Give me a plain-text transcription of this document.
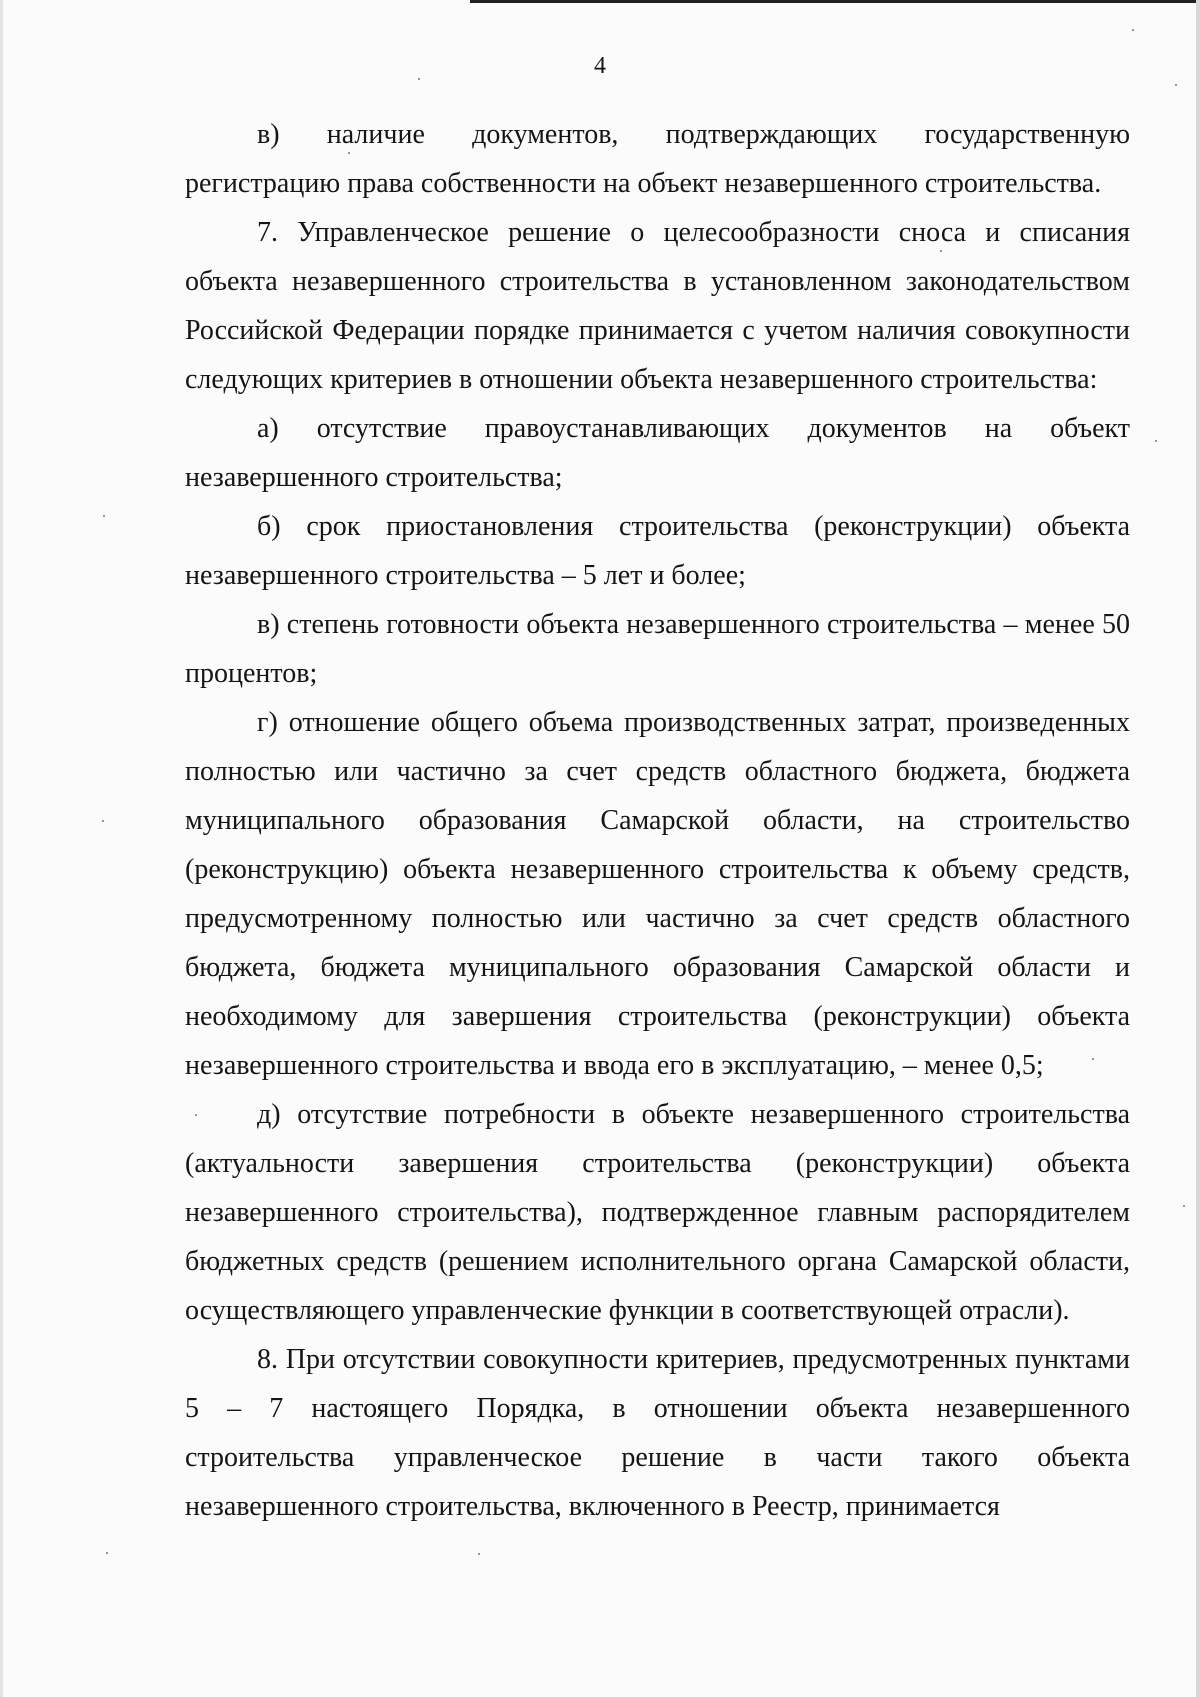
4

в) наличие документов, подтверждающих государственную регистрацию права собственности на объект незавершенного строительства.

7. Управленческое решение о целесообразности сноса и списания объекта незавершенного строительства в установленном законодательством Российской Федерации порядке принимается с учетом наличия совокупности следующих критериев в отношении объекта незавершенного строительства:

а) отсутствие правоустанавливающих документов на объект незавершенного строительства;

б) срок приостановления строительства (реконструкции) объекта незавершенного строительства – 5 лет и более;

в) степень готовности объекта незавершенного строительства – менее 50 процентов;

г) отношение общего объема производственных затрат, произведенных полностью или частично за счет средств областного бюджета, бюджета муниципального образования Самарской области, на строительство (реконструкцию) объекта незавершенного строительства к объему средств, предусмотренному полностью или частично за счет средств областного бюджета, бюджета муниципального образования Самарской области и необходимому для завершения строительства (реконструкции) объекта незавершенного строительства и ввода его в эксплуатацию, – менее 0,5;

д) отсутствие потребности в объекте незавершенного строительства (актуальности завершения строительства (реконструкции) объекта незавершенного строительства), подтвержденное главным распорядителем бюджетных средств (решением исполнительного органа Самарской области, осуществляющего управленческие функции в соответствующей отрасли).

8. При отсутствии совокупности критериев, предусмотренных пунктами 5 – 7 настоящего Порядка, в отношении объекта незавершенного строительства управленческое решение в части такого объекта незавершенного строительства, включенного в Реестр, принимается
